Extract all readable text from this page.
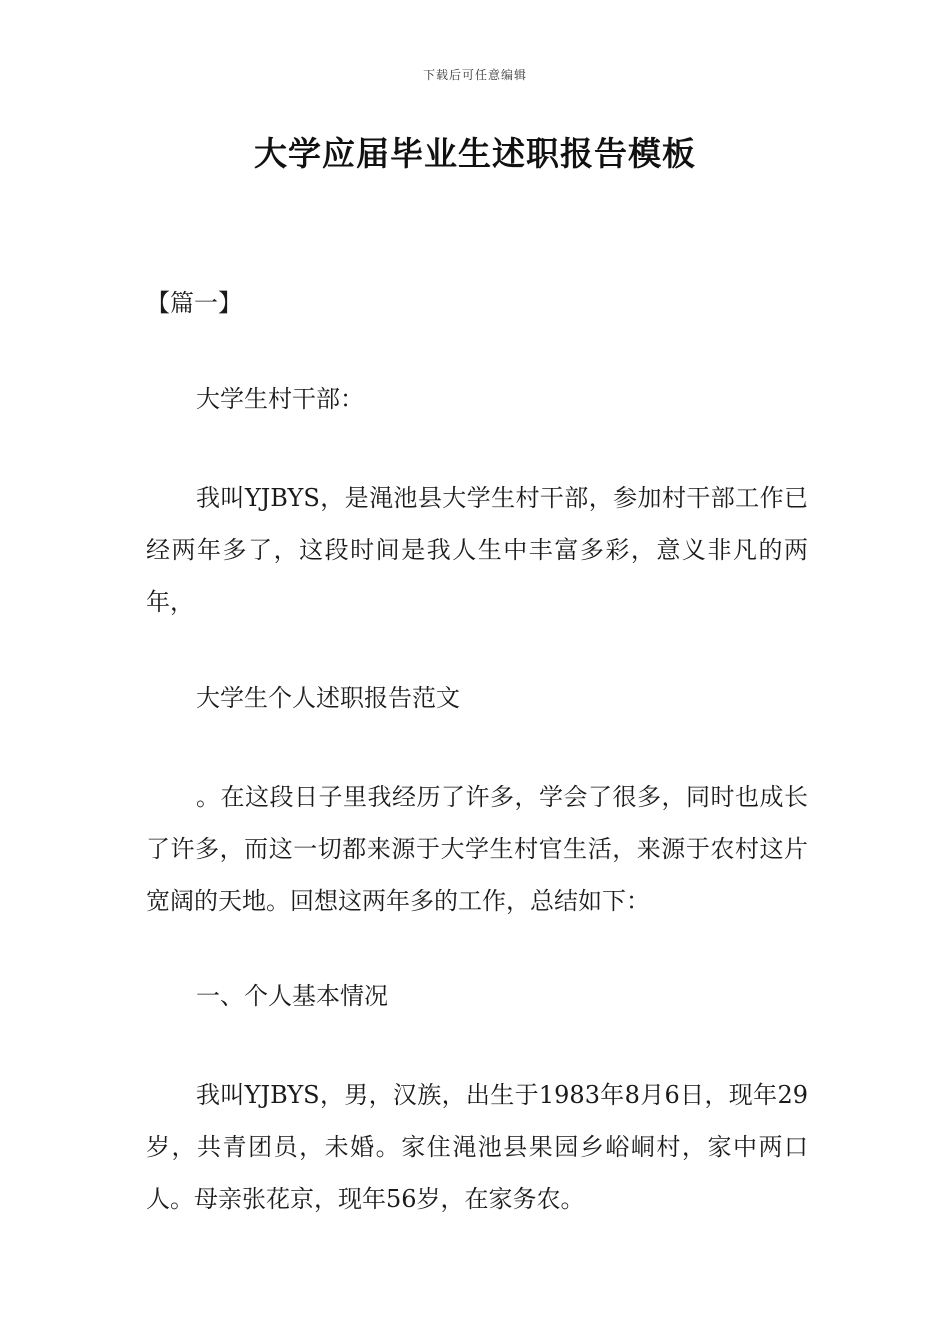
下载后可任意编辑
大学应届毕业生述职报告模板

【篇一】

大学生村干部：

我叫YJBYS，是渑池县大学生村干部，参加村干部工作已经两年多了，这段时间是我人生中丰富多彩，意义非凡的两年，

大学生个人述职报告范文

。在这段日子里我经历了许多，学会了很多，同时也成长了许多，而这一切都来源于大学生村官生活，来源于农村这片宽阔的天地。回想这两年多的工作，总结如下：

一、个人基本情况

我叫YJBYS，男，汉族，出生于1983年8月6日，现年29岁，共青团员，未婚。家住渑池县果园乡峪峒村，家中两口人。母亲张花京，现年56岁，在家务农。
